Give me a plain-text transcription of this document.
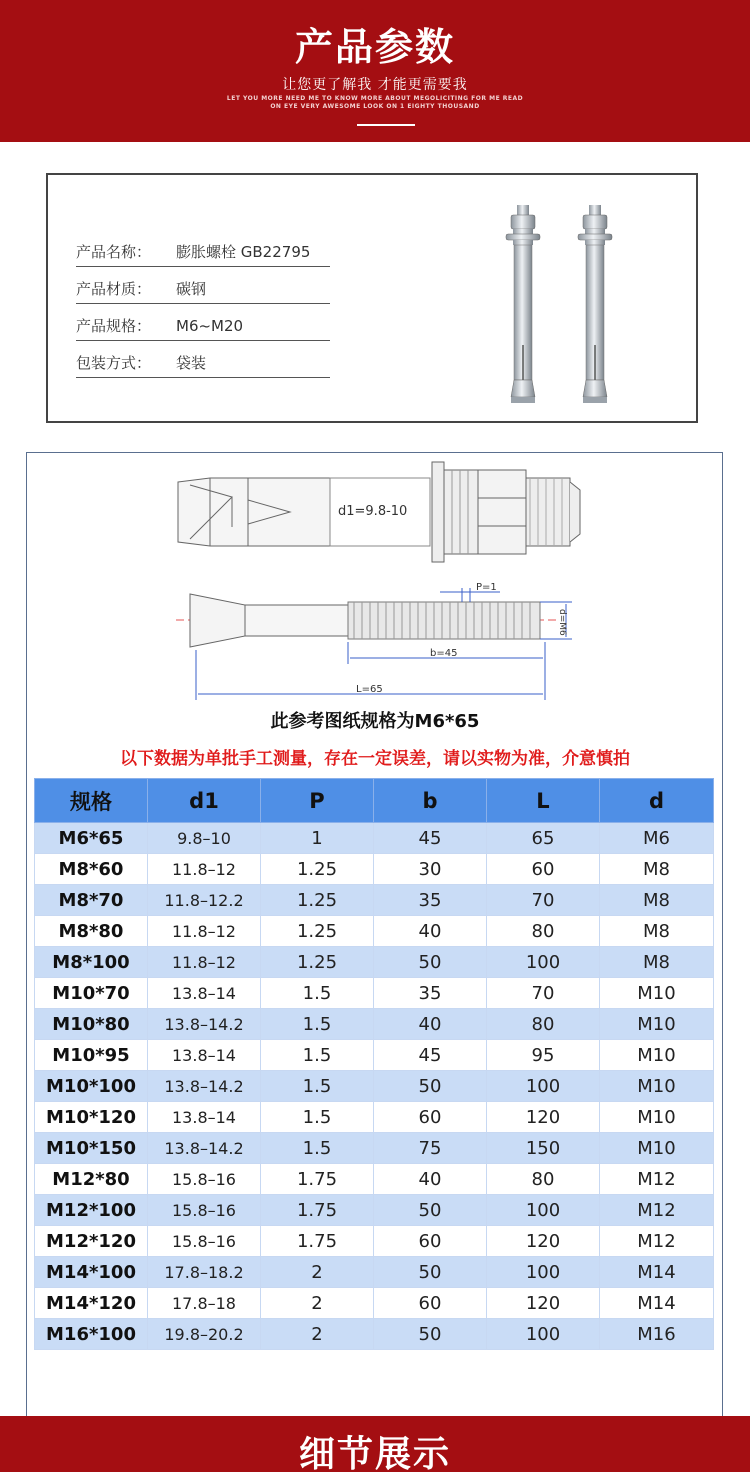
产品参数
让您更了解我 才能更需要我
LET YOU MORE NEED ME TO KNOW MORE ABOUT MEGOLICITING FOR ME READ
ON EYE VERY AWESOME LOOK ON 1 EIGHTY THOUSAND
产品名称： 膨胀螺栓 GB22795
产品材质： 碳钢
产品规格： M6~M20
包装方式： 袋装
d1=9.8-10
P=1
b=45
L=65
d=M6
此参考图纸规格为M6*65
以下数据为单批手工测量，存在一定误差，请以实物为准，介意慎拍
规格	d1	P	b	L	d
M6*65	9.8–10	1	45	65	M6
M8*60	11.8–12	1.25	30	60	M8
M8*70	11.8–12.2	1.25	35	70	M8
M8*80	11.8–12	1.25	40	80	M8
M8*100	11.8–12	1.25	50	100	M8
M10*70	13.8–14	1.5	35	70	M10
M10*80	13.8–14.2	1.5	40	80	M10
M10*95	13.8–14	1.5	45	95	M10
M10*100	13.8–14.2	1.5	50	100	M10
M10*120	13.8–14	1.5	60	120	M10
M10*150	13.8–14.2	1.5	75	150	M10
M12*80	15.8–16	1.75	40	80	M12
M12*100	15.8–16	1.75	50	100	M12
M12*120	15.8–16	1.75	60	120	M12
M14*100	17.8–18.2	2	50	100	M14
M14*120	17.8–18	2	60	120	M14
M16*100	19.8–20.2	2	50	100	M16
细节展示
